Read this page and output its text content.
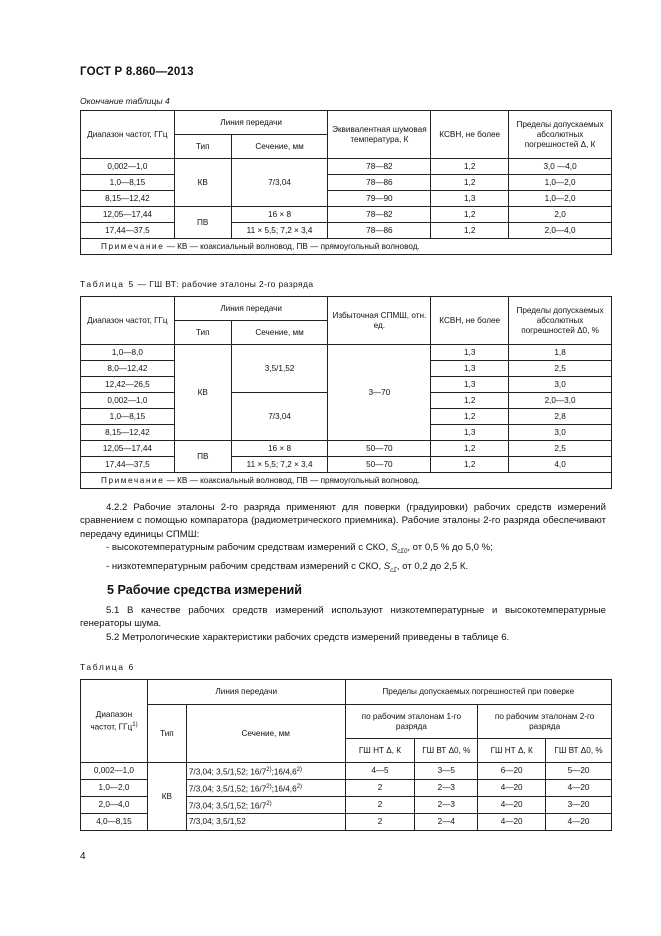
ГОСТ Р 8.860—2013
Окончание таблицы 4
Диапазон частот, ГГц	Линия передачи		Эквивалентная шумовая температура, К	КСВН, не более	Пределы допускаемых абсолютных погрешностей Δ, К
	Тип	Сечение, мм			
0,002—1,0	КВ	7/3,04	78—82	1,2	3,0 —4,0
1,0—8,15			78—86	1,2	1,0—2,0
8,15—12,42			79—90	1,3	1,0—2,0
12,05—17,44	ПВ	16 × 8	78—82	1,2	2,0
17,44—37,5		11 × 5,5; 7,2 × 3,4	78—86	1,2	2,0—4,0
Примечание — КВ — коаксиальный волновод, ПВ — прямоугольный волновод.					
Таблица 5 — ГШ ВТ: рабочие эталоны 2-го разряда
Диапазон частот, ГГц	Линия передачи		Избыточная СПМШ, отн. ед.	КСВН, не более	Пределы допускаемых абсолютных погрешностей Δ0, %
	Тип	Сечение, мм			
1,0—8,0	КВ	3,5/1,52	3—70	1,3	1,8
8,0—12,42				1,3	2,5
12,42—26,5				1,3	3,0
0,002—1,0		7/3,04		1,2	2,0—3,0
1,0—8,15				1,2	2,8
8,15—12,42				1,3	3,0
12,05—17,44	ПВ	16 × 8	50—70	1,2	2,5
17,44—37,5		11 × 5,5; 7,2 × 3,4	50—70	1,2	4,0
Примечание — КВ — коаксиальный волновод, ПВ — прямоугольный волновод.					
4.2.2 Рабочие эталоны 2-го разряда применяют для поверки (градуировки) рабочих средств измерений сравнением с помощью компаратора (радиометрического приемника). Рабочие эталоны 2-го разряда обеспечивают передачу единицы СПМШ:
- высокотемпературным рабочим средствам измерений с СКО, $S_{c\Sigma 0}$, от 0,5 % до 5,0 %;
- низкотемпературным рабочим средствам измерений с СКО, $S_{c\Sigma}$, от 0,2 до 2,5 К.
5 Рабочие средства измерений
5.1 В качестве рабочих средств измерений используют низкотемпературные и высокотемпературные генераторы шума.
5.2 Метрологические характеристики рабочих средств измерений приведены в таблице 6.
Таблица 6
Диапазон частот, ГГц$^{1)}$	Линия передачи		Пределы допускаемых погрешностей при поверке			
	Тип	Сечение, мм	по рабочим эталонам 1-го разряда		по рабочим эталонам 2-го разряда	
			ГШ НТ Δ, К	ГШ ВТ Δ0, %	ГШ НТ Δ, К	ГШ ВТ Δ0, %
0,002—1,0	КВ	7/3,04; 3,5/1,52; 16/7$^{2)}$;16/4,6$^{2)}$	4—5	3—5	6—20	5—20
1,0—2,0		7/3,04; 3,5/1,52; 16/7$^{2)}$;16/4,6$^{2)}$	2	2—3	4—20	4—20
2,0—4,0		7/3,04; 3,5/1,52; 16/7$^{2)}$	2	2—3	4—20	3—20
4,0—8,15		7/3,04; 3,5/1,52	2	2—4	4—20	4—20
4
